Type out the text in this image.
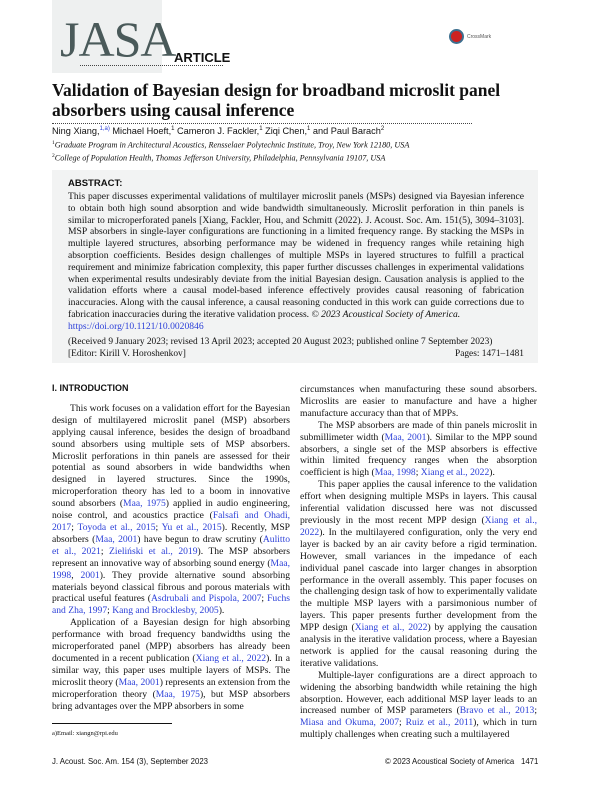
JASA
ARTICLE
CrossMark
Validation of Bayesian design for broadband microslit panel absorbers using causal inference
Ning Xiang,$^{1,a)}$ Michael Hoeft,$^1$ Cameron J. Fackler,$^1$ Ziqi Chen,$^1$ and Paul Barach$^2$
$^1$Graduate Program in Architectural Acoustics, Rensselaer Polytechnic Institute, Troy, New York 12180, USA
$^2$College of Population Health, Thomas Jefferson University, Philadelphia, Pennsylvania 19107, USA
ABSTRACT:
This paper discusses experimental validations of multilayer microslit panels (MSPs) designed via Bayesian inference to obtain both high sound absorption and wide bandwidth simultaneously. Microslit perforation in thin panels is similar to microperforated panels [Xiang, Fackler, Hou, and Schmitt (2022). J. Acoust. Soc. Am. 151(5), 3094–3103]. MSP absorbers in single-layer configurations are functioning in a limited frequency range. By stacking the MSPs in multiple layered structures, absorbing performance may be widened in frequency ranges while retaining high absorption coefficients. Besides design challenges of multiple MSPs in layered structures to fulfill a practical requirement and minimize fabrication complexity, this paper further discusses challenges in experimental validations when experimental results undesirably deviate from the initial Bayesian design. Causation analysis is applied to the validation efforts where a causal model-based inference effectively provides causal reasoning of fabrication inaccuracies. Along with the causal inference, a causal reasoning conducted in this work can guide corrections due to fabrication inaccuracies during the iterative validation process. © 2023 Acoustical Society of America.
https://doi.org/10.1121/10.0020846
(Received 9 January 2023; revised 13 April 2023; accepted 20 August 2023; published online 7 September 2023)
[Editor: Kirill V. Horoshenkov]	Pages: 1471–1481
I. INTRODUCTION

This work focuses on a validation effort for the Bayesian design of multilayered microslit panel (MSP) absorbers applying causal inference, besides the design of broadband sound absorbers using multiple sets of MSP absorbers. Microslit perforations in thin panels are assessed for their potential as sound absorbers in wide bandwidths when designed in layered structures. Since the 1990s, microperforation theory has led to a boom in innovative sound absorbers (Maa, 1975) applied in audio engineering, noise control, and acoustics practice (Falsafi and Ohadi, 2017; Toyoda et al., 2015; Yu et al., 2015). Recently, MSP absorbers (Maa, 2001) have begun to draw scrutiny (Aulitto et al., 2021; Zieliński et al., 2019). The MSP absorbers represent an innovative way of absorbing sound energy (Maa, 1998, 2001). They provide alternative sound absorbing materials beyond classical fibrous and porous materials with practical useful features (Asdrubali and Pispola, 2007; Fuchs and Zha, 1997; Kang and Brocklesby, 2005).

Application of a Bayesian design for high absorbing performance with broad frequency bandwidths using the microperforated panel (MPP) absorbers has already been documented in a recent publication (Xiang et al., 2022). In a similar way, this paper uses multiple layers of MSPs. The microslit theory (Maa, 2001) represents an extension from the microperforation theory (Maa, 1975), but MSP absorbers bring advantages over the MPP absorbers in some

circumstances when manufacturing these sound absorbers. Microslits are easier to manufacture and have a higher manufacture accuracy than that of MPPs.

The MSP absorbers are made of thin panels microslit in submillimeter width (Maa, 2001). Similar to the MPP sound absorbers, a single set of the MSP absorbers is effective within limited frequency ranges when the absorption coefficient is high (Maa, 1998; Xiang et al., 2022).

This paper applies the causal inference to the validation effort when designing multiple MSPs in layers. This causal inferential validation discussed here was not discussed previously in the most recent MPP design (Xiang et al., 2022). In the multilayered configuration, only the very end layer is backed by an air cavity before a rigid termination. However, small variances in the impedance of each individual panel cascade into larger changes in absorption performance in the overall assembly. This paper focuses on the challenging design task of how to experimentally validate the multiple MSP layers with a parsimonious number of layers. This paper presents further development from the MPP design (Xiang et al., 2022) by applying the causation analysis in the iterative validation process, where a Bayesian network is applied for the causal reasoning during the iterative validations.

Multiple-layer configurations are a direct approach to widening the absorbing bandwidth while retaining the high absorption. However, each additional MSP layer leads to an increased number of MSP parameters (Bravo et al., 2013; Miasa and Okuma, 2007; Ruiz et al., 2011), which in turn multiply challenges when creating such a multilayered

a)Email: xiangn@rpi.edu
J. Acoust. Soc. Am. 154 (3), September 2023	© 2023 Acoustical Society of America 1471
